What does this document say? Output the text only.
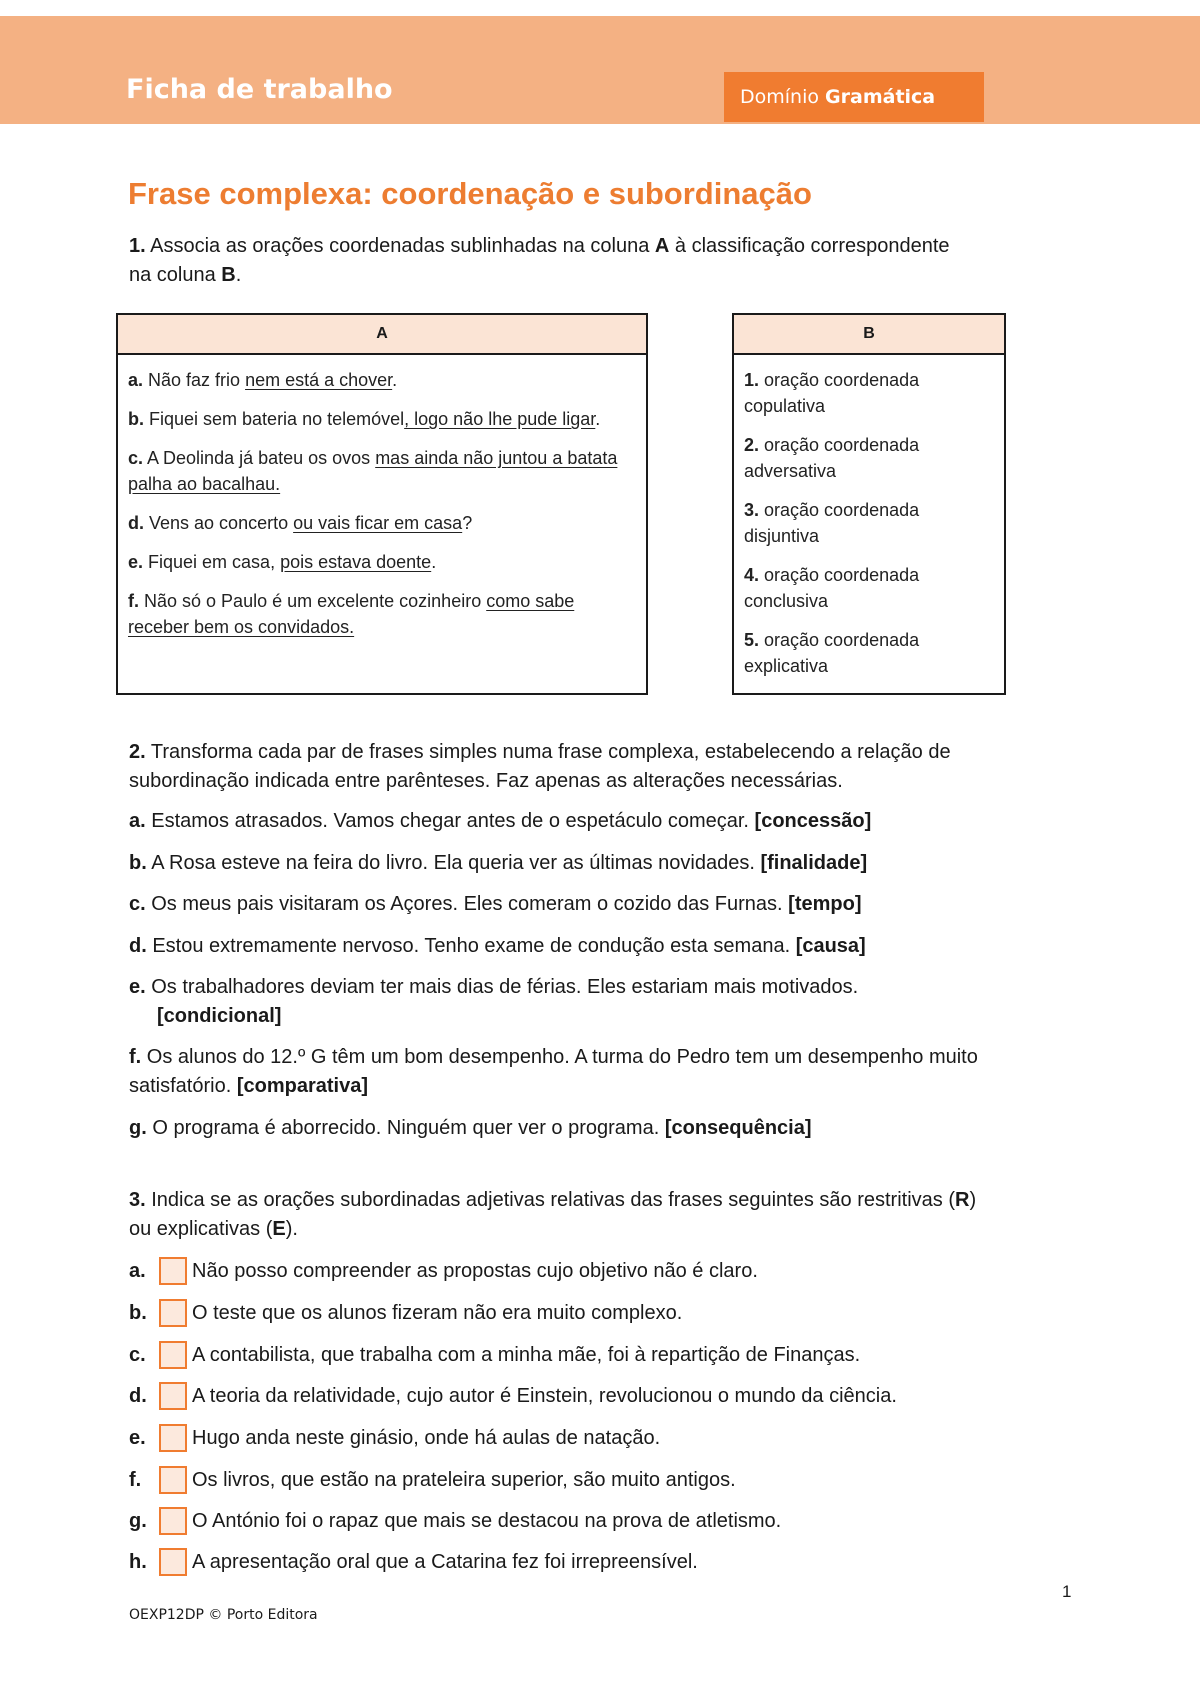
Ficha de trabalho	Domínio Gramática
Frase complexa: coordenação e subordinação
1. Associa as orações coordenadas sublinhadas na coluna A à classificação correspondente
na coluna B.
A

a. Não faz frio nem está a chover.

b. Fiquei sem bateria no telemóvel, logo não lhe pude ligar.

c. A Deolinda já bateu os ovos mas ainda não juntou a batata palha ao bacalhau.

d. Vens ao concerto ou vais ficar em casa?

e. Fiquei em casa, pois estava doente.

f. Não só o Paulo é um excelente cozinheiro como sabe receber bem os convidados.

B

1. oração coordenada copulativa

2. oração coordenada adversativa

3. oração coordenada disjuntiva

4. oração coordenada conclusiva

5. oração coordenada explicativa

2. Transforma cada par de frases simples numa frase complexa, estabelecendo a relação de
subordinação indicada entre parênteses. Faz apenas as alterações necessárias.
a. Estamos atrasados. Vamos chegar antes de o espetáculo começar. [concessão]
b. A Rosa esteve na feira do livro. Ela queria ver as últimas novidades. [finalidade]
c. Os meus pais visitaram os Açores. Eles comeram o cozido das Furnas. [tempo]
d. Estou extremamente nervoso. Tenho exame de condução esta semana. [causa]
e. Os trabalhadores deviam ter mais dias de férias. Eles estariam mais motivados.
[condicional]
f. Os alunos do 12.º G têm um bom desempenho. A turma do Pedro tem um desempenho muito
satisfatório. [comparativa]
g. O programa é aborrecido. Ninguém quer ver o programa. [consequência]
3. Indica se as orações subordinadas adjetivas relativas das frases seguintes são restritivas (R)
ou explicativas (E).
a.	Não posso compreender as propostas cujo objetivo não é claro.
b.	O teste que os alunos fizeram não era muito complexo.
c.	A contabilista, que trabalha com a minha mãe, foi à repartição de Finanças.
d.	A teoria da relatividade, cujo autor é Einstein, revolucionou o mundo da ciência.
e.	Hugo anda neste ginásio, onde há aulas de natação.
f.	Os livros, que estão na prateleira superior, são muito antigos.
g.	O António foi o rapaz que mais se destacou na prova de atletismo.
h.	A apresentação oral que a Catarina fez foi irrepreensível.
1
OEXP12DP © Porto Editora
